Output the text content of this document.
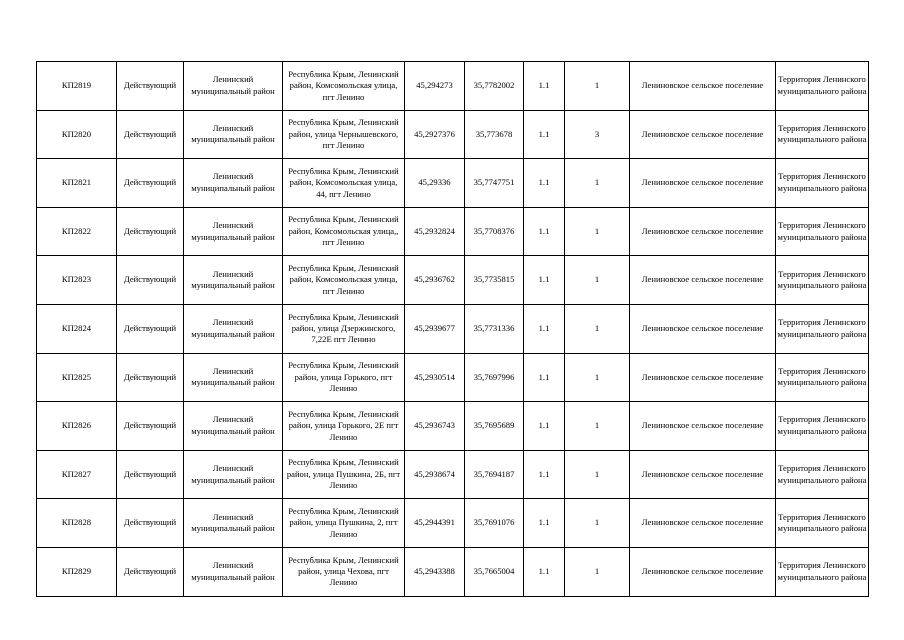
КП2819	Действующий	Ленинский муниципальный район	Республика Крым, Ленинский район, Комсомольская улица, пгт Ленино	45,294273	35,7782002	1.1	1	Лениновское сельское поселение	Территория Ленинского муниципального района
КП2820	Действующий	Ленинский муниципальный район	Республика Крым, Ленинский район, улица Чернышевского, пгт Ленино	45,2927376	35,773678	1.1	3	Лениновское сельское поселение	Территория Ленинского муниципального района
КП2821	Действующий	Ленинский муниципальный район	Республика Крым, Ленинский район, Комсомольская улица, 44, пгт Ленино	45,29336	35,7747751	1.1	1	Лениновское сельское поселение	Территория Ленинского муниципального района
КП2822	Действующий	Ленинский муниципальный район	Республика Крым, Ленинский район, Комсомольская улица,, пгт Ленино	45,2932824	35,7708376	1.1	1	Лениновское сельское поселение	Территория Ленинского муниципального района
КП2823	Действующий	Ленинский муниципальный район	Республика Крым, Ленинский район, Комсомольская улица, пгт Ленино	45,2936762	35,7735815	1.1	1	Лениновское сельское поселение	Территория Ленинского муниципального района
КП2824	Действующий	Ленинский муниципальный район	Республика Крым, Ленинский район, улица Дзержинского, 7,22Е пгт Ленино	45,2939677	35,7731336	1.1	1	Лениновское сельское поселение	Территория Ленинского муниципального района
КП2825	Действующий	Ленинский муниципальный район	Республика Крым, Ленинский район, улица Горького, пгт Ленино	45,2930514	35,7697996	1.1	1	Лениновское сельское поселение	Территория Ленинского муниципального района
КП2826	Действующий	Ленинский муниципальный район	Республика Крым, Ленинский район, улица Горького, 2Е пгт Ленино	45,2936743	35,7695689	1.1	1	Лениновское сельское поселение	Территория Ленинского муниципального района
КП2827	Действующий	Ленинский муниципальный район	Республика Крым, Ленинский район, улица Пушкина, 2Б, пгт Ленино	45,2938674	35,7694187	1.1	1	Лениновское сельское поселение	Территория Ленинского муниципального района
КП2828	Действующий	Ленинский муниципальный район	Республика Крым, Ленинский район, улица Пушкина, 2, пгт Ленино	45,2944391	35,7691076	1.1	1	Лениновское сельское поселение	Территория Ленинского муниципального района
КП2829	Действующий	Ленинский муниципальный район	Республика Крым, Ленинский район, улица Чехова, пгт Ленино	45,2943388	35,7665004	1.1	1	Лениновское сельское поселение	Территория Ленинского муниципального района
